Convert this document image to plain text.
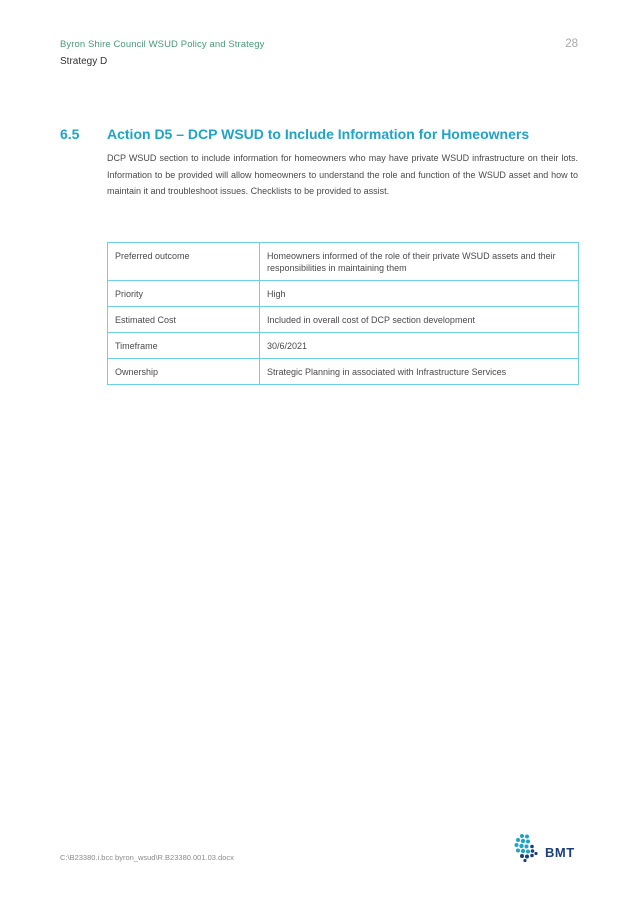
Byron Shire Council WSUD Policy and Strategy	28
Strategy D
6.5 Action D5 – DCP WSUD to Include Information for Homeowners

DCP WSUD section to include information for homeowners who may have private WSUD infrastructure on their lots. Information to be provided will allow homeowners to understand the role and function of the WSUD asset and how to maintain it and troubleshoot issues. Checklists to be provided to assist.

Preferred outcome	Homeowners informed of the role of their private WSUD assets and their responsibilities in maintaining them
Priority	High
Estimated Cost	Included in overall cost of DCP section development
Timeframe	30/6/2021
Ownership	Strategic Planning in associated with Infrastructure Services
C:\B23380.i.bcc byron_wsud\R.B23380.001.03.docx	BMT
